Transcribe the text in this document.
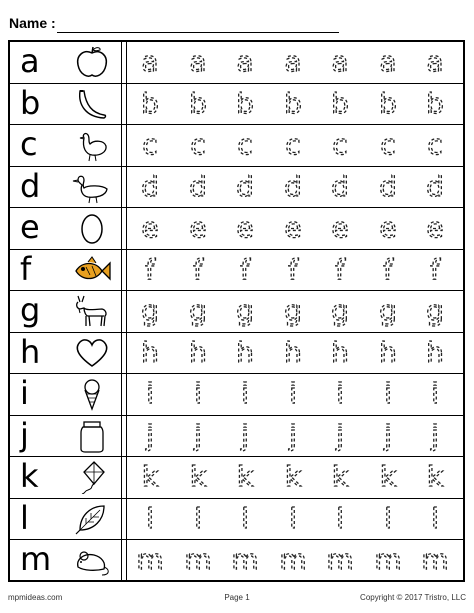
Name :
a	a a a a a a a
b	b b b b b b b
c	c c c c c c c
d	d d d d d d d
e	e e e e e e e
f	f f f f f f f
g	g g g g g g g
h	h h h h h h h
i	i i i i i i i
j	j j j j j j j
k	k k k k k k k
l	l l l l l l l
m	m m m m m m m
mpmideas.com	Page 1	Copyright © 2017 Tristro, LLC
